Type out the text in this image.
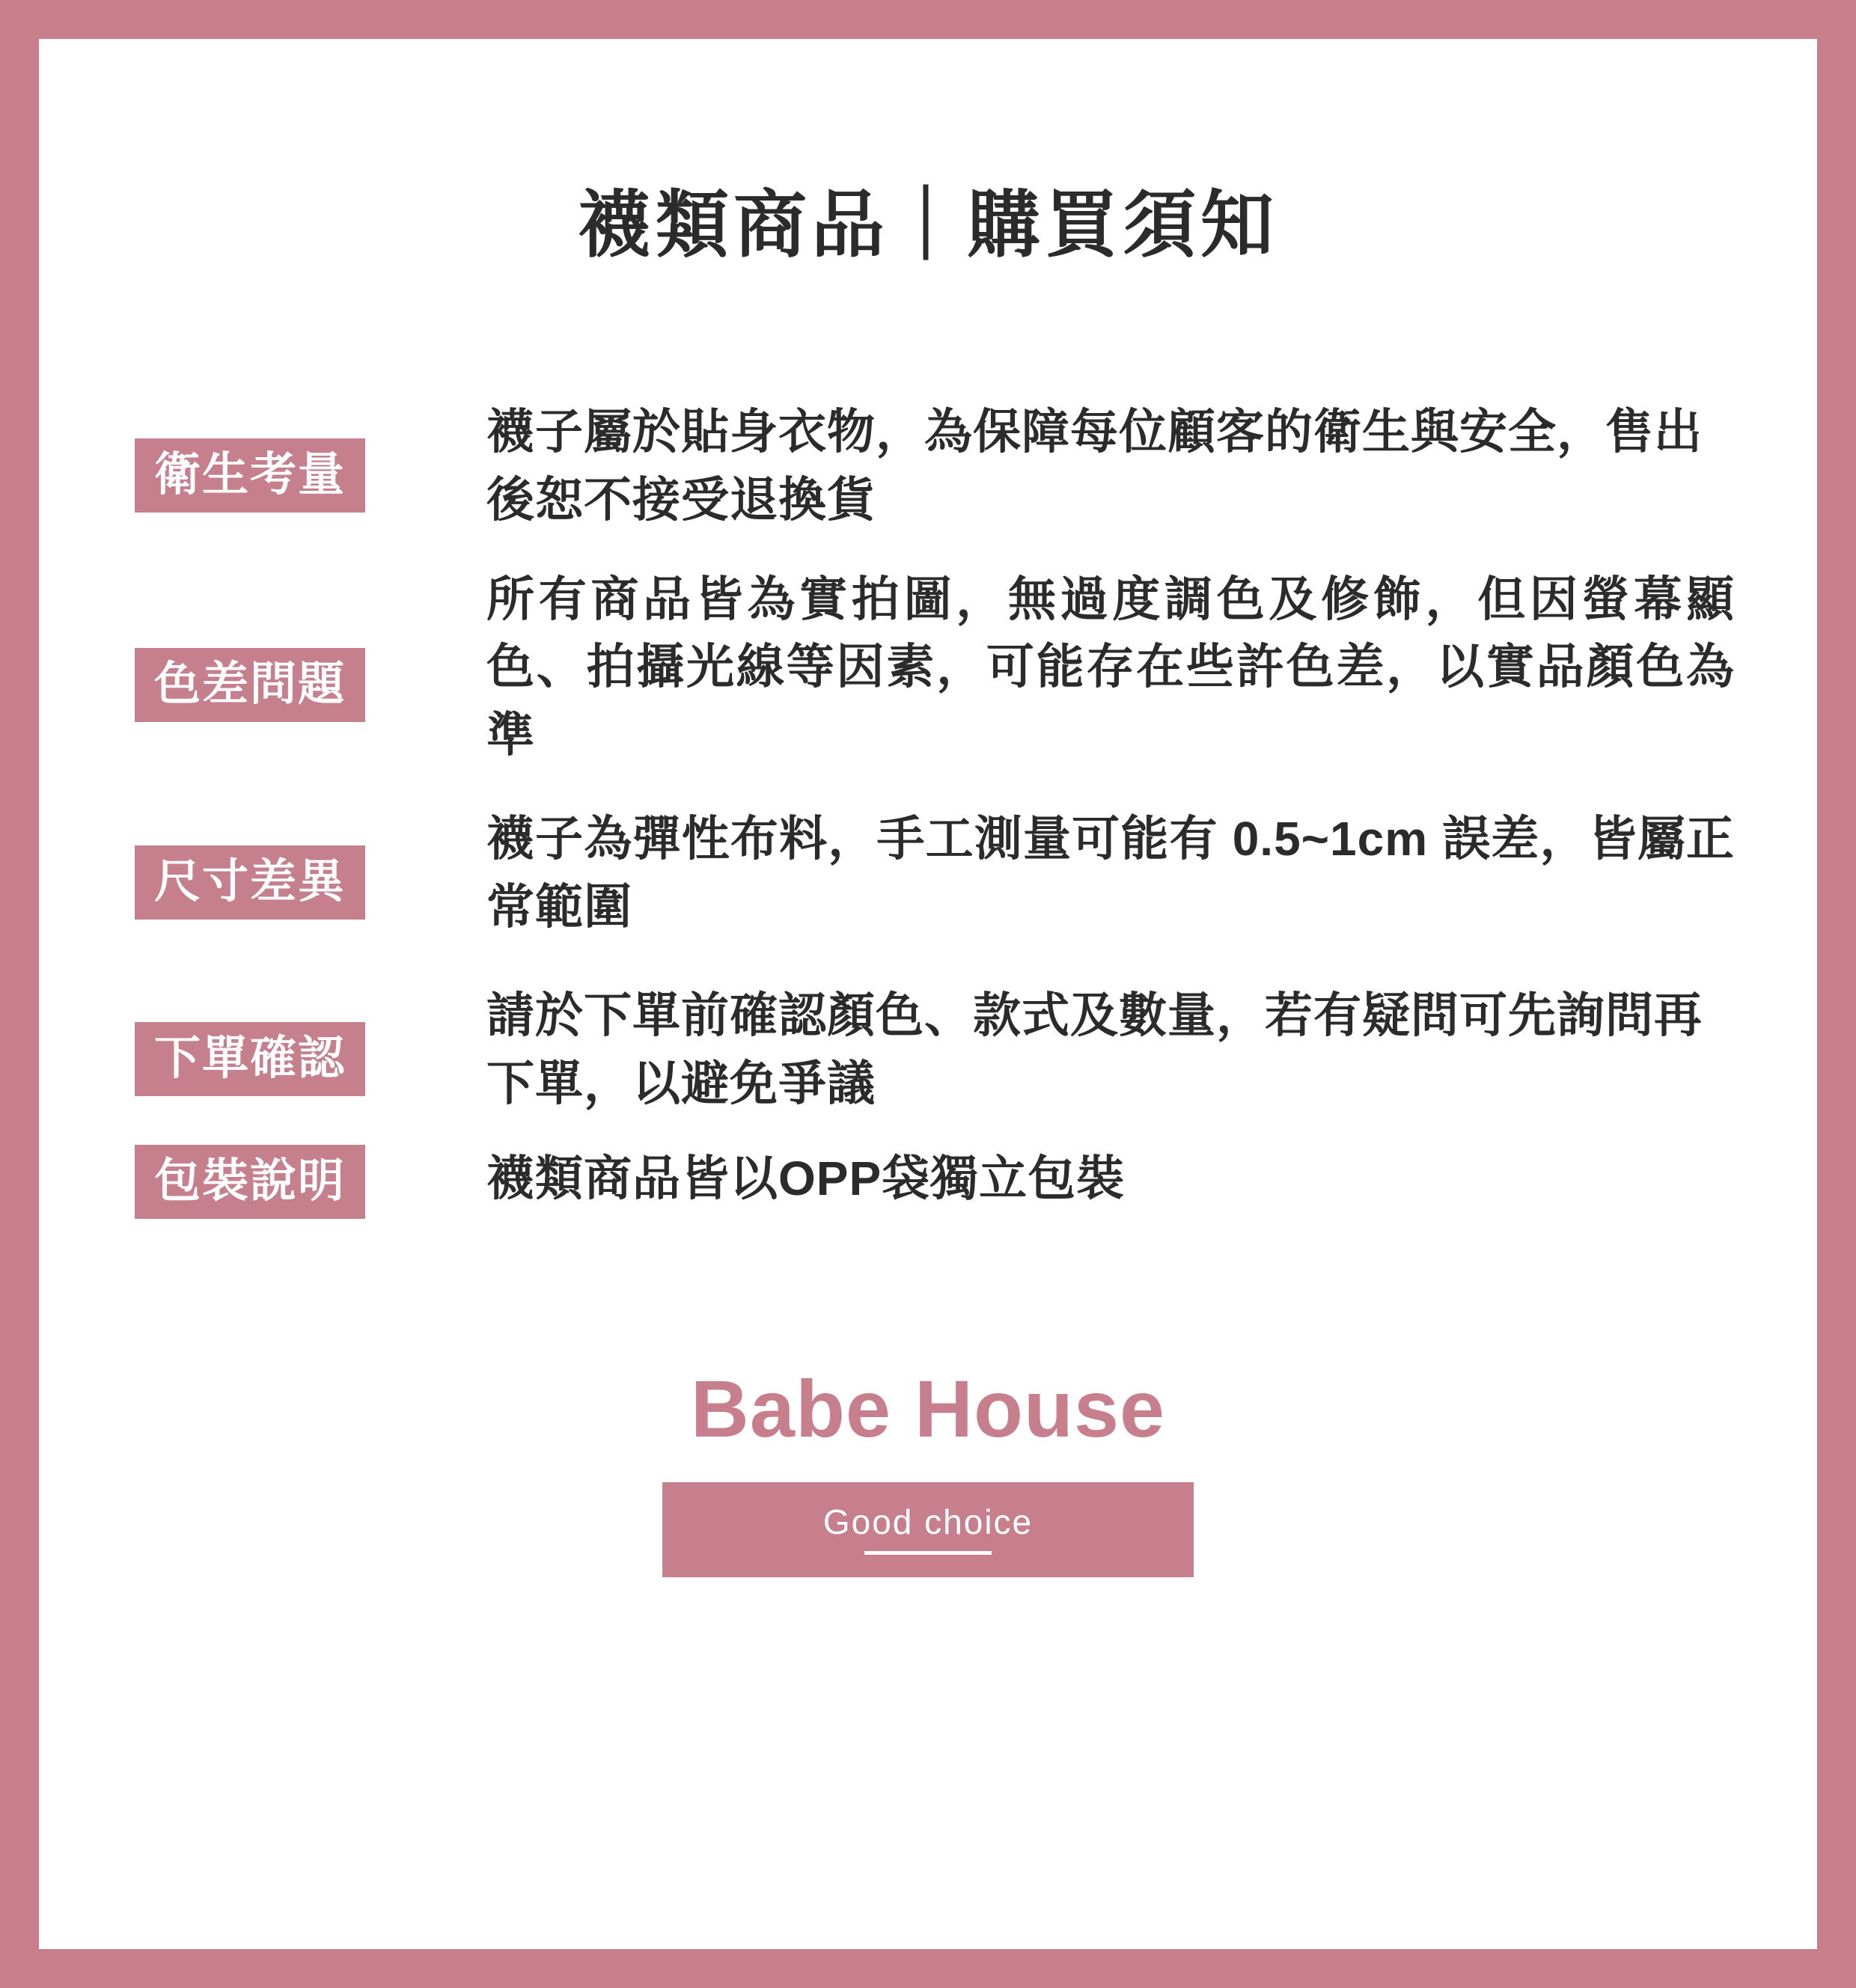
襪類商品｜購買須知
衛生考量
襪子屬於貼身衣物，為保障每位顧客的衛生與安全，售出後恕不接受退換貨
色差問題
所有商品皆為實拍圖，無過度調色及修飾，但因螢幕顯色、拍攝光線等因素，可能存在些許色差，以實品顏色為準
尺寸差異
襪子為彈性布料，手工測量可能有 0.5~1cm 誤差，皆屬正常範圍
下單確認
請於下單前確認顏色、款式及數量，若有疑問可先詢問再下單，以避免爭議
包裝說明	襪類商品皆以OPP袋獨立包裝
Babe House
Good choice
